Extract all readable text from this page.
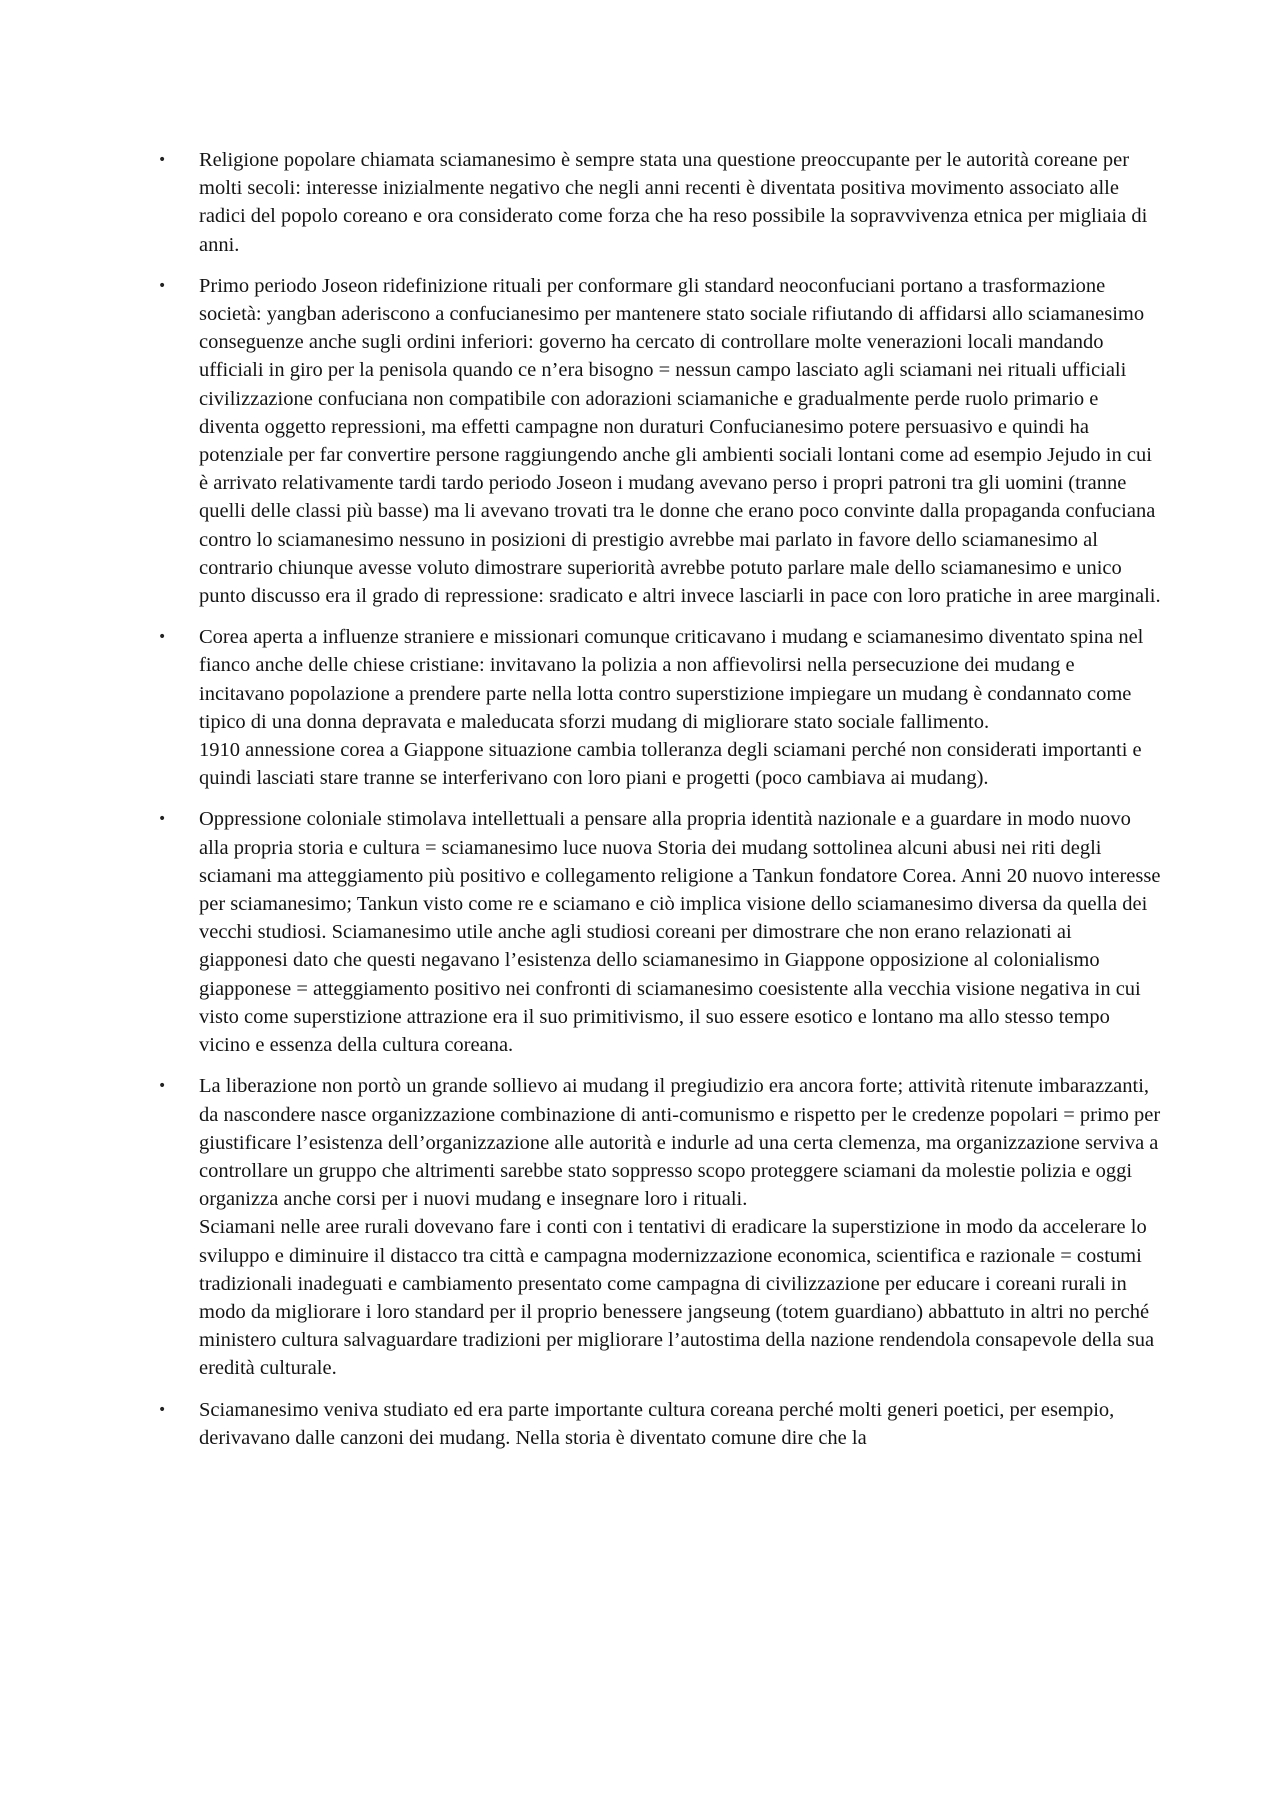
• Religione popolare chiamata sciamanesimo è sempre stata una questione preoccupante per le autorità coreane per molti secoli: interesse inizialmente negativo che negli anni recenti è diventata positiva movimento associato alle radici del popolo coreano e ora considerato come forza che ha reso possibile la sopravvivenza etnica per migliaia di anni.
• Primo periodo Joseon ridefinizione rituali per conformare gli standard neoconfuciani portano a trasformazione società: yangban aderiscono a confucianesimo per mantenere stato sociale rifiutando di affidarsi allo sciamanesimo conseguenze anche sugli ordini inferiori: governo ha cercato di controllare molte venerazioni locali mandando ufficiali in giro per la penisola quando ce n’era bisogno = nessun campo lasciato agli sciamani nei rituali ufficiali civilizzazione confuciana non compatibile con adorazioni sciamaniche e gradualmente perde ruolo primario e diventa oggetto repressioni, ma effetti campagne non duraturi Confucianesimo potere persuasivo e quindi ha potenziale per far convertire persone raggiungendo anche gli ambienti sociali lontani come ad esempio Jejudo in cui è arrivato relativamente tardi tardo periodo Joseon i mudang avevano perso i propri patroni tra gli uomini (tranne quelli delle classi più basse) ma li avevano trovati tra le donne che erano poco convinte dalla propaganda confuciana contro lo sciamanesimo nessuno in posizioni di prestigio avrebbe mai parlato in favore dello sciamanesimo al contrario chiunque avesse voluto dimostrare superiorità avrebbe potuto parlare male dello sciamanesimo e unico punto discusso era il grado di repressione: sradicato e altri invece lasciarli in pace con loro pratiche in aree marginali.
• Corea aperta a influenze straniere e missionari comunque criticavano i mudang e sciamanesimo diventato spina nel fianco anche delle chiese cristiane: invitavano la polizia a non affievolirsi nella persecuzione dei mudang e incitavano popolazione a prendere parte nella lotta contro superstizione impiegare un mudang è condannato come tipico di una donna depravata e maleducata sforzi mudang di migliorare stato sociale fallimento.
1910 annessione corea a Giappone situazione cambia tolleranza degli sciamani perché non considerati importanti e quindi lasciati stare tranne se interferivano con loro piani e progetti (poco cambiava ai mudang).
• Oppressione coloniale stimolava intellettuali a pensare alla propria identità nazionale e a guardare in modo nuovo alla propria storia e cultura = sciamanesimo luce nuova Storia dei mudang sottolinea alcuni abusi nei riti degli sciamani ma atteggiamento più positivo e collegamento religione a Tankun fondatore Corea. Anni 20 nuovo interesse per sciamanesimo; Tankun visto come re e sciamano e ciò implica visione dello sciamanesimo diversa da quella dei vecchi studiosi. Sciamanesimo utile anche agli studiosi coreani per dimostrare che non erano relazionati ai giapponesi dato che questi negavano l’esistenza dello sciamanesimo in Giappone opposizione al colonialismo giapponese = atteggiamento positivo nei confronti di sciamanesimo coesistente alla vecchia visione negativa in cui visto come superstizione attrazione era il suo primitivismo, il suo essere esotico e lontano ma allo stesso tempo vicino e essenza della cultura coreana.
• La liberazione non portò un grande sollievo ai mudang il pregiudizio era ancora forte; attività ritenute imbarazzanti, da nascondere nasce organizzazione combinazione di anti-comunismo e rispetto per le credenze popolari = primo per giustificare l’esistenza dell’organizzazione alle autorità e indurle ad una certa clemenza, ma organizzazione serviva a controllare un gruppo che altrimenti sarebbe stato soppresso scopo proteggere sciamani da molestie polizia e oggi organizza anche corsi per i nuovi mudang e insegnare loro i rituali.
Sciamani nelle aree rurali dovevano fare i conti con i tentativi di eradicare la superstizione in modo da accelerare lo sviluppo e diminuire il distacco tra città e campagna modernizzazione economica, scientifica e razionale = costumi tradizionali inadeguati e cambiamento presentato come campagna di civilizzazione per educare i coreani rurali in modo da migliorare i loro standard per il proprio benessere jangseung (totem guardiano) abbattuto in altri no perché ministero cultura salvaguardare tradizioni per migliorare l’autostima della nazione rendendola consapevole della sua eredità culturale.
• Sciamanesimo veniva studiato ed era parte importante cultura coreana perché molti generi poetici, per esempio, derivavano dalle canzoni dei mudang. Nella storia è diventato comune dire che la
